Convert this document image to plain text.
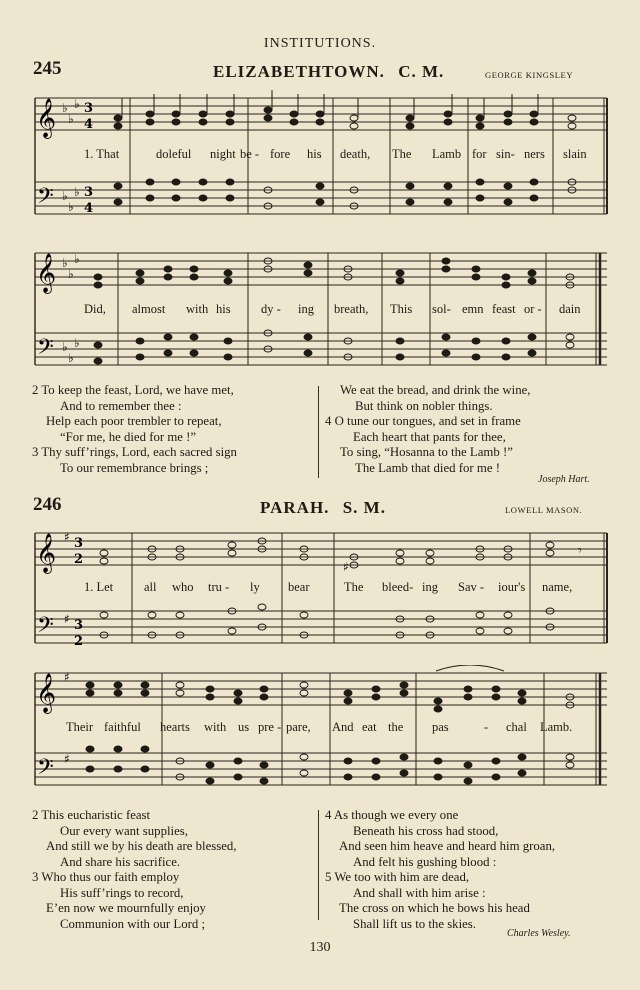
INSTITUTIONS.
245	ELIZABETHTOWN. C. M.	GEORGE KINGSLEY
𝄞
𝄢
♭
♭
♭
♭
♭
♭
3
4
3
4
1. That	doleful night be - fore his death, The Lamb for sin- ners slain
𝄞
𝄢
♭
♭
♭
♭
♭
♭
Did, almost with his dy - ing breath, This sol- emn feast or - dain
2 To keep the feast, Lord, we have met,
And to remember thee :
Help each poor trembler to repeat,
“For me, he died for me !”
3 Thy suff’rings, Lord, each sacred sign
To our remembrance brings ;
We eat the bread, and drink the wine,
But think on nobler things.
4 O tune our tongues, and set in frame
Each heart that pants for thee,
To sing, “Hosanna to the Lamb !”
The Lamb that died for me !
Joseph Hart.
246	PARAH. S. M.	LOWELL MASON.
𝄞
𝄢
♯
♯
3
2
3
2
♯
𝄾
1. Let all who tru - ly bear	The bleed- ing Sav - iour's name,
𝄞
𝄢
♯
♯
Their faithful hearts with us pre - pare, And eat the pas	- chal Lamb.
2 This eucharistic feast
Our every want supplies,
And still we by his death are blessed,
And share his sacrifice.
3 Who thus our faith employ
His suff’rings to record,
E’en now we mournfully enjoy
Communion with our Lord ;
4 As though we every one
Beneath his cross had stood,
And seen him heave and heard him groan,
And felt his gushing blood :
5 We too with him are dead,
And shall with him arise :
The cross on which he bows his head
Shall lift us to the skies.
Charles Wesley.
130
